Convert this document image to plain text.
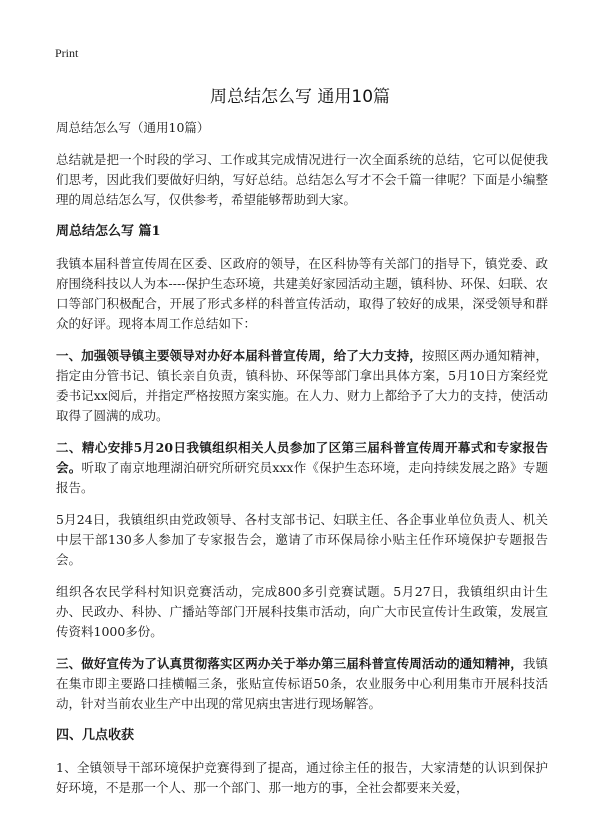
Print
周总结怎么写 通用10篇

周总结怎么写（通用10篇）

总结就是把一个时段的学习、工作或其完成情况进行一次全面系统的总结，它可以促使我们思考，因此我们要做好归纳，写好总结。总结怎么写才不会千篇一律呢？下面是小编整理的周总结怎么写，仅供参考，希望能够帮助到大家。

周总结怎么写 篇1

我镇本届科普宣传周在区委、区政府的领导，在区科协等有关部门的指导下，镇党委、政府围绕科技以人为本----保护生态环境，共建美好家园活动主题，镇科协、环保、妇联、农口等部门积极配合，开展了形式多样的科普宣传活动，取得了较好的成果，深受领导和群众的好评。现将本周工作总结如下：

一、加强领导镇主要领导对办好本届科普宣传周，给了大力支持，按照区两办通知精神，指定由分管书记、镇长亲自负责，镇科协、环保等部门拿出具体方案，5月10日方案经党委书记xx阅后，并指定严格按照方案实施。在人力、财力上都给予了大力的支持，使活动取得了圆满的成功。

二、精心安排5月20日我镇组织相关人员参加了区第三届科普宣传周开幕式和专家报告会。听取了南京地理湖泊研究所研究员xxx作《保护生态环境，走向持续发展之路》专题报告。

5月24日，我镇组织由党政领导、各村支部书记、妇联主任、各企事业单位负责人、机关中层干部130多人参加了专家报告会，邀请了市环保局徐小贴主任作环境保护专题报告会。

组织各农民学科村知识竞赛活动，完成800多引竞赛试题。5月27日，我镇组织由计生办、民政办、科协、广播站等部门开展科技集市活动，向广大市民宣传计生政策，发展宣传资料1000多份。

三、做好宣传为了认真贯彻落实区两办关于举办第三届科普宣传周活动的通知精神，我镇在集市即主要路口挂横幅三条，张贴宣传标语50条，农业服务中心利用集市开展科技活动，针对当前农业生产中出现的常见病虫害进行现场解答。

四、几点收获

1、全镇领导干部环境保护竞赛得到了提高，通过徐主任的报告，大家清楚的认识到保护好环境，不是那一个人、那一个部门、那一地方的事，全社会都要来关爱，
